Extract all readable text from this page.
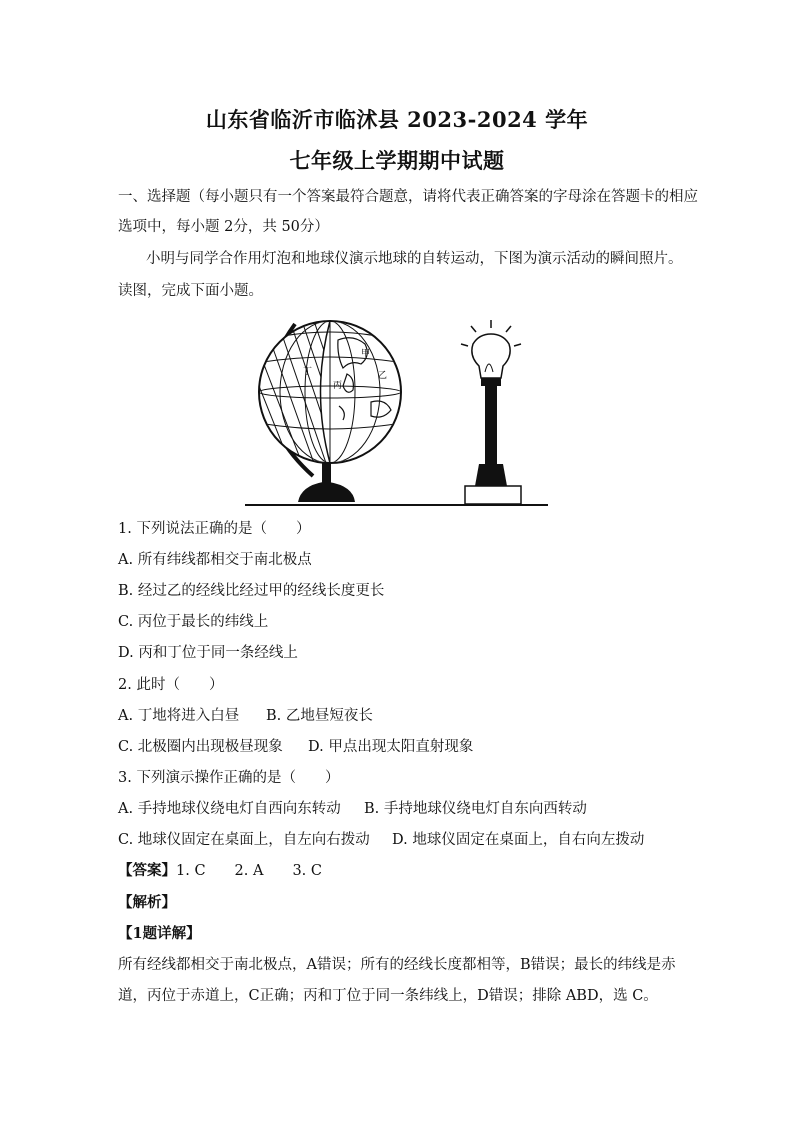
山东省临沂市临沭县 2023-2024 学年
七年级上学期期中试题
一、选择题（每小题只有一个答案最符合题意，请将代表正确答案的字母涂在答题卡的相应
选项中，每小题 2分，共 50分）
小明与同学合作用灯泡和地球仪演示地球的自转运动，下图为演示活动的瞬间照片。
读图，完成下面小题。
甲
乙
丙
丁
1. 下列说法正确的是（　　）
A. 所有纬线都相交于南北极点
B. 经过乙的经线比经过甲的经线长度更长
C. 丙位于最长的纬线上
D. 丙和丁位于同一条经线上
2. 此时（　　）
A. 丁地将进入白昼 B. 乙地昼短夜长
C. 北极圈内出现极昼现象 D. 甲点出现太阳直射现象
3. 下列演示操作正确的是（　　）
A. 手持地球仪绕电灯自西向东转动 B. 手持地球仪绕电灯自东向西转动
C. 地球仪固定在桌面上，自左向右拨动 D. 地球仪固定在桌面上，自右向左拨动
【答案】1. C　　2. A　　3. C
【解析】
【1题详解】
所有经线都相交于南北极点，A错误；所有的经线长度都相等，B错误；最长的纬线是赤
道，丙位于赤道上，C正确；丙和丁位于同一条纬线上，D错误；排除 ABD，选 C。
